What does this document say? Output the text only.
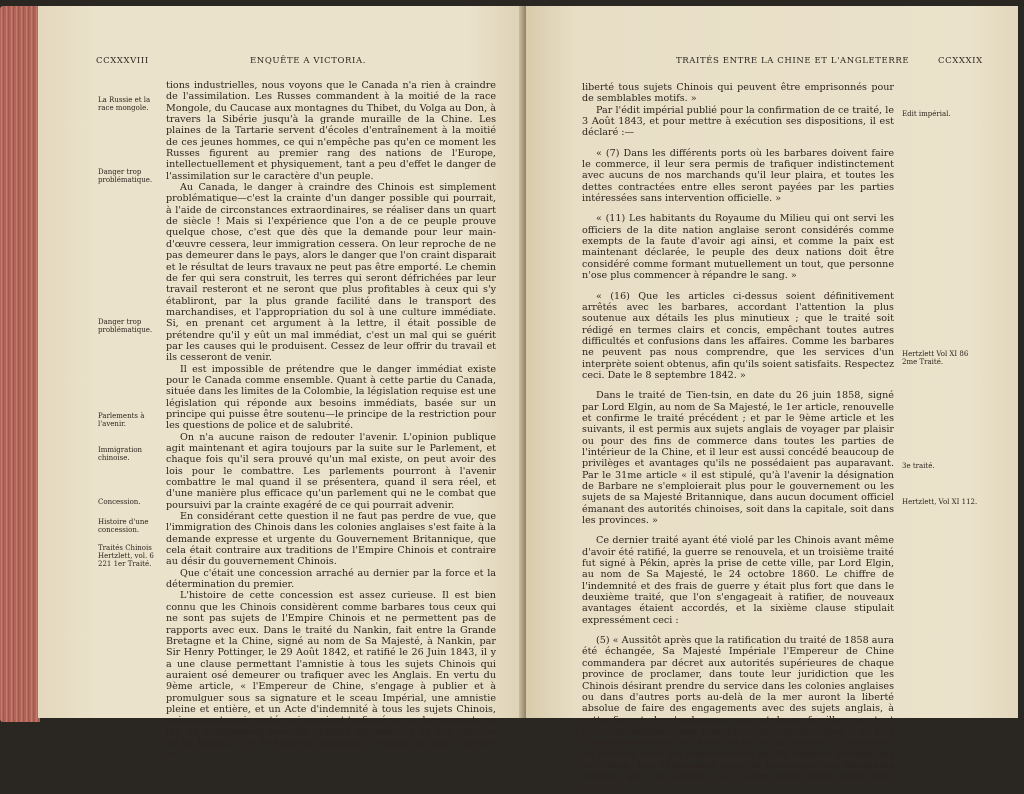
CCXXXVIII	ENQUÊTE A VICTORIA.
La Russie et la race mongole.
Danger trop problématique.
Danger trop problématique.
Parlements à l'avenir.
Immigration chinoise.
Concession.
Histoire d'une concession.
Traités Chinois Hertzlett, vol. 6 221 1er Traité.

tions industrielles, nous voyons que le Canada n'a rien à craindre de l'assimilation. Les Russes commandent à la moitié de la race Mongole, du Caucase aux montagnes du Thibet, du Volga au Don, à travers la Sibérie jusqu'à la grande muraille de la Chine. Les plaines de la Tartarie servent d'écoles d'entraînement à la moitié de ces jeunes hommes, ce qui n'empêche pas qu'en ce moment les Russes figurent au premier rang des nations de l'Europe, intellectuellement et physiquement, tant a peu d'effet le danger de l'assimilation sur le caractère d'un peuple.

Au Canada, le danger à craindre des Chinois est simplement problématique—c'est la crainte d'un danger possible qui pourrait, à l'aide de circonstances extraordinaires, se réaliser dans un quart de siècle ! Mais si l'expérience que l'on a de ce peuple prouve quelque chose, c'est que dès que la demande pour leur main-d'œuvre cessera, leur immigration cessera. On leur reproche de ne pas demeurer dans le pays, alors le danger que l'on craint disparait et le résultat de leurs travaux ne peut pas être emporté. Le chemin de fer qui sera construit, les terres qui seront défrichées par leur travail resteront et ne seront que plus profitables à ceux qui s'y établiront, par la plus grande facilité dans le transport des marchandises, et l'appropriation du sol à une culture immédiate. Si, en prenant cet argument à la lettre, il était possible de prétendre qu'il y eût un mal immédiat, c'est un mal qui se guérit par les causes qui le produisent. Cessez de leur offrir du travail et ils cesseront de venir.

Il est impossible de prétendre que le danger immédiat existe pour le Canada comme ensemble. Quant à cette partie du Canada, située dans les limites de la Colombie, la législation requise est une législation qui réponde aux besoins immédiats, basée sur un principe qui puisse être soutenu—le principe de la restriction pour les questions de police et de salubrité.

On n'a aucune raison de redouter l'avenir. L'opinion publique agit maintenant et agira toujours par la suite sur le Parlement, et chaque fois qu'il sera prouvé qu'un mal existe, on peut avoir des lois pour le combattre. Les parlements pourront à l'avenir combattre le mal quand il se présentera, quand il sera réel, et d'une manière plus efficace qu'un parlement qui ne le combat que poursuivi par la crainte exagéré de ce qui pourrait advenir.

En considérant cette question il ne faut pas perdre de vue, que l'immigration des Chinois dans les colonies anglaises s'est faite à la demande expresse et urgente du Gouvernement Britannique, que cela était contraire aux traditions de l'Empire Chinois et contraire au désir du gouvernement Chinois.

Que c'était une concession arraché au dernier par la force et la détermination du premier.

L'histoire de cette concession est assez curieuse. Il est bien connu que les Chinois considèrent comme barbares tous ceux qui ne sont pas sujets de l'Empire Chinois et ne permettent pas de rapports avec eux. Dans le traité du Nankin, fait entre la Grande Bretagne et la Chine, signé au nom de Sa Majesté, à Nankin, par Sir Henry Pottinger, le 29 Août 1842, et ratifié le 26 Juin 1843, il y a une clause permettant l'amnistie à tous les sujets Chinois qui auraient osé demeurer ou trafiquer avec les Anglais. En vertu du 9ème article, « l'Empereur de Chine, s'engage à publier et à promulguer sous sa signature et le sceau Impérial, une amnistie pleine et entière, et un Acte d'indemnité à tous les sujets Chinois, qui peuvent avoir resté, qui auraient trafiqué ou eu des rapports ou fait un engagement avec Sa Majesté Britannique ou des officiers de Sa Majesté ; et Sa Majesté Impériale, s'engage de plus à mettre en

TRAITÉS ENTRE LA CHINE ET L'ANGLETERRE	CCXXXIX
Edit impérial.
Hertzlett Vol XI 86 2me Traité.
3e traité.
Hertzlett, Vol XI 112.

liberté tous sujets Chinois qui peuvent être emprisonnés pour de semblables motifs. »

Par l'édit impérial publié pour la confirmation de ce traité, le 3 Août 1843, et pour mettre à exécution ses dispositions, il est déclaré :—

« (7) Dans les différents ports où les barbares doivent faire le commerce, il leur sera permis de trafiquer indistinctement avec aucuns de nos marchands qu'il leur plaira, et toutes les dettes contractées entre elles seront payées par les parties intéressées sans intervention officielle. »

« (11) Les habitants du Royaume du Milieu qui ont servi les officiers de la dite nation anglaise seront considérés comme exempts de la faute d'avoir agi ainsi, et comme la paix est maintenant déclarée, le peuple des deux nations doit être considéré comme formant mutuellement un tout, que personne n'ose plus commencer à répandre le sang. »

« (16) Que les articles ci-dessus soient définitivement arrêtés avec les barbares, accordant l'attention la plus soutenue aux détails les plus minutieux ; que le traité soit rédigé en termes clairs et concis, empêchant toutes autres difficultés et confusions dans les affaires. Comme les barbares ne peuvent pas nous comprendre, que les services d'un interprète soient obtenus, afin qu'ils soient satisfaits. Respectez ceci. Date le 8 septembre 1842. »

Dans le traité de Tien-tsin, en date du 26 juin 1858, signé par Lord Elgin, au nom de Sa Majesté, le 1er article, renouvelle et confirme le traité précédent ; et par le 9ème article et les suivants, il est permis aux sujets anglais de voyager par plaisir ou pour des fins de commerce dans toutes les parties de l'intérieur de la Chine, et il leur est aussi concédé beaucoup de privilèges et avantages qu'ils ne possédaient pas auparavant. Par le 31me article « il est stipulé, qu'à l'avenir la désignation de Barbare ne s'emploierait plus pour le gouvernement ou les sujets de sa Majesté Britannique, dans aucun document officiel émanant des autorités chinoises, soit dans la capitale, soit dans les provinces. »

Ce dernier traité ayant été violé par les Chinois avant même d'avoir été ratifié, la guerre se renouvela, et un troisième traité fut signé à Pékin, après la prise de cette ville, par Lord Elgin, au nom de Sa Majesté, le 24 octobre 1860. Le chiffre de l'indemnité et des frais de guerre y était plus fort que dans le deuxième traité, que l'on s'engageait à ratifier, de nouveaux avantages étaient accordés, et la sixième clause stipulait expressément ceci :

(5) « Aussitôt après que la ratification du traité de 1858 aura été échangée, Sa Majesté Impériale l'Empereur de Chine commandera par décret aux autorités supérieures de chaque province de proclamer, dans toute leur juridiction que les Chinois désirant prendre du service dans les colonies anglaises ou dans d'autres ports au-delà de la mer auront la liberté absolue de faire des engagements avec des sujets anglais, à cette fin, et de s'embarquer eux et leurs familles sur tout bâtiment anglais dans tout port libre de la Chine ; et Elle commandera aussi aux dites autorités supérieures, de préparer, de concert avec les représentants de Sa Majesté Britannique en Chine, tels règlements pour la protection des émigrants chinois, que les besoins des divers ports libres pourraient exiger. »
